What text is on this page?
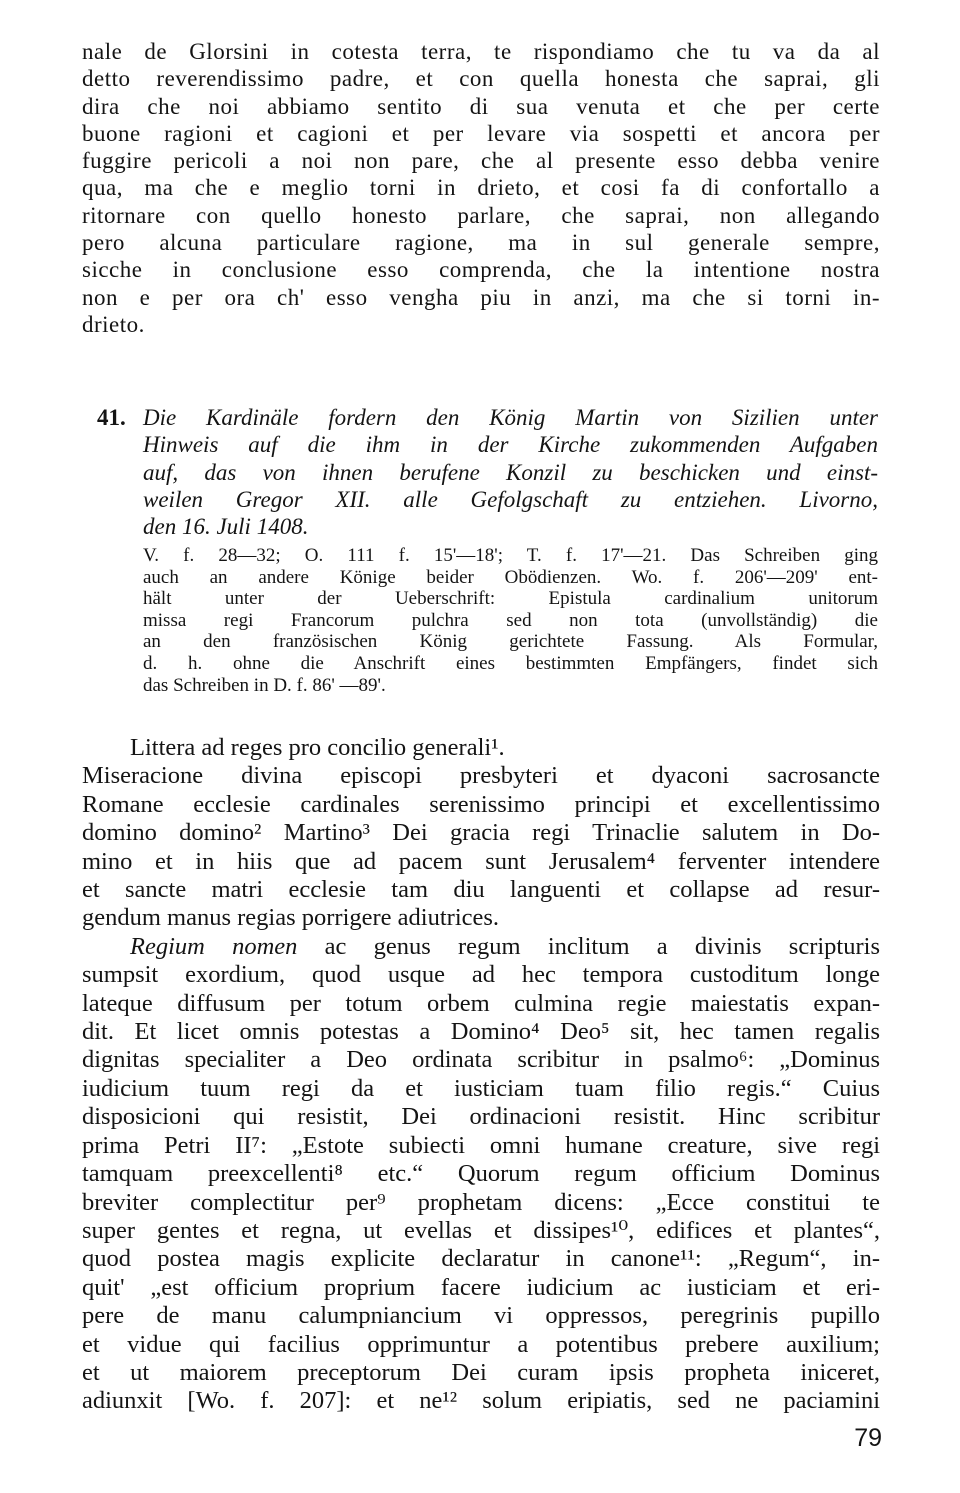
nale de Glorsini in cotesta terra, te rispondiamo che tu va da al
detto reverendissimo padre, et con quella honesta che saprai, gli
dira che noi abbiamo sentito di sua venuta et che per certe
buone ragioni et cagioni et per levare via sospetti et ancora per
fuggire pericoli a noi non pare, che al presente esso debba venire
qua, ma che e meglio torni in drieto, et cosi fa di confortallo a
ritornare con quello honesto parlare, che saprai, non allegando
pero alcuna particulare ragione, ma in sul generale sempre,
sicche in conclusione esso comprenda, che la intentione nostra
non e per ora ch' esso vengha piu in anzi, ma che si torni in-
drieto.
41. Die Kardinäle fordern den König Martin von Sizilien unter
Hinweis auf die ihm in der Kirche zukommenden Aufgaben
auf, das von ihnen berufene Konzil zu beschicken und einst-
weilen Gregor XII. alle Gefolgschaft zu entziehen. Livorno,
den 16. Juli 1408.
V. f. 28—32; O. 111 f. 15'—18'; T. f. 17'—21. Das Schreiben ging
auch an andere Könige beider Obödienzen. Wo. f. 206'—209' ent-
hält unter der Ueberschrift: Epistula cardinalium unitorum
missa regi Francorum pulchra sed non tota (unvollständig) die
an den französischen König gerichtete Fassung. Als Formular,
d. h. ohne die Anschrift eines bestimmten Empfängers, findet sich
das Schreiben in D. f. 86' —89'.
Littera ad reges pro concilio generali¹.
Miseracione divina episcopi presbyteri et dyaconi sacrosancte
Romane ecclesie cardinales serenissimo principi et excellentissimo
domino domino² Martino³ Dei gracia regi Trinaclie salutem in Do-
mino et in hiis que ad pacem sunt Jerusalem⁴ ferventer intendere
et sancte matri ecclesie tam diu languenti et collapse ad resur-
gendum manus regias porrigere adiutrices.
Regium nomen ac genus regum inclitum a divinis scripturis
sumpsit exordium, quod usque ad hec tempora custoditum longe
lateque diffusum per totum orbem culmina regie maiestatis expan-
dit. Et licet omnis potestas a Domino⁴ Deo⁵ sit, hec tamen regalis
dignitas specialiter a Deo ordinata scribitur in psalmo⁶: „Dominus
iudicium tuum regi da et iusticiam tuam filio regis.“ Cuius
disposicioni qui resistit, Dei ordinacioni resistit. Hinc scribitur
prima Petri II⁷: „Estote subiecti omni humane creature, sive regi
tamquam preexcellenti⁸ etc.“ Quorum regum officium Dominus
breviter complectitur per⁹ prophetam dicens: „Ecce constitui te
super gentes et regna, ut evellas et dissipes¹⁰, edifices et plantes“,
quod postea magis explicite declaratur in canone¹¹: „Regum“, in-
quit' „est officium proprium facere iudicium ac iusticiam et eri-
pere de manu calumpniancium vi oppressos, peregrinis pupillo
et vidue qui facilius opprimuntur a potentibus prebere auxilium;
et ut maiorem preceptorum Dei curam ipsis propheta iniceret,
adiunxit [Wo. f. 207]: et ne¹² solum eripiatis, sed ne paciamini
79
